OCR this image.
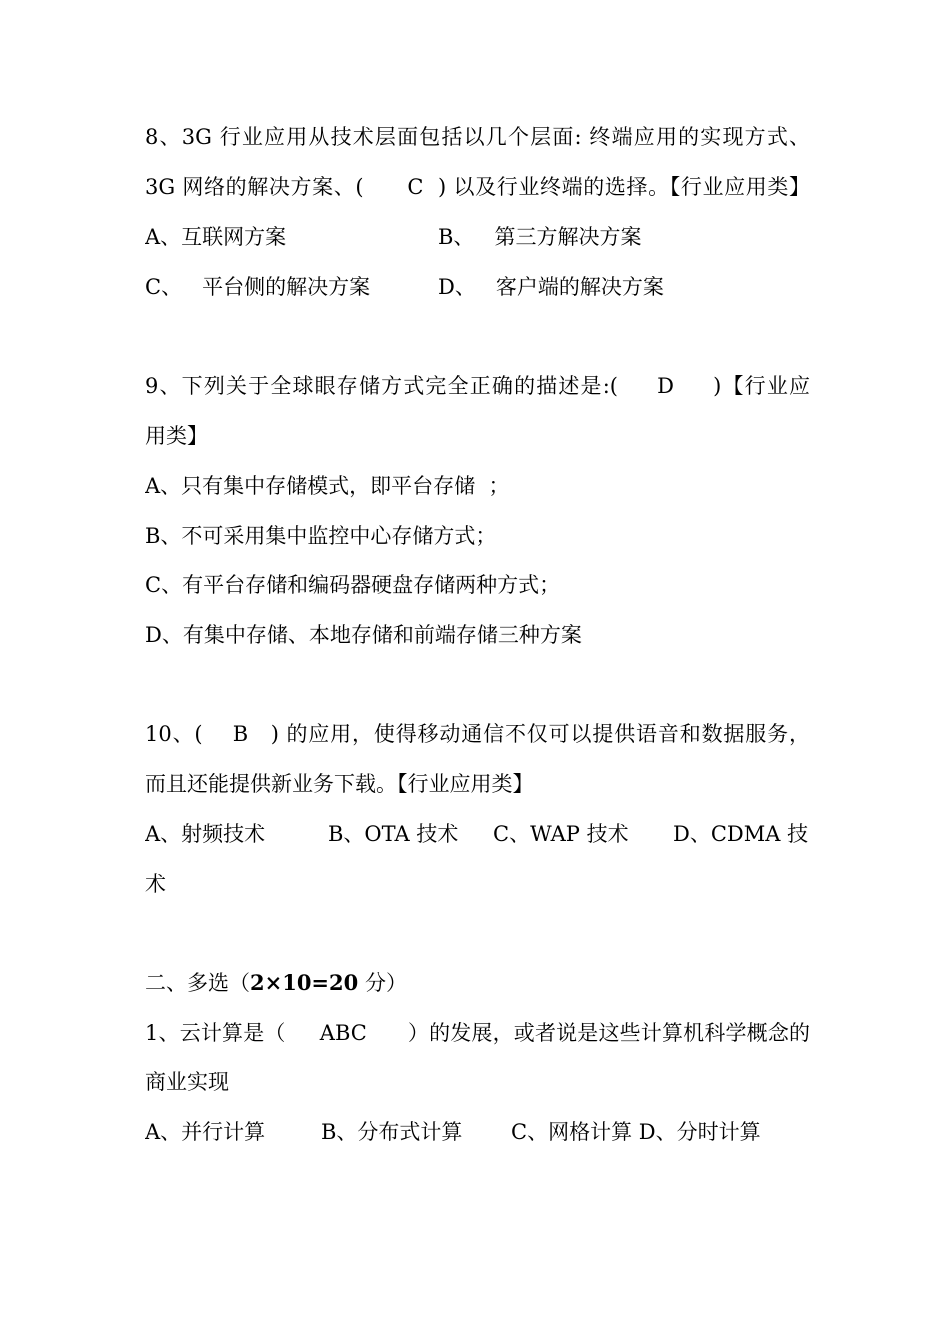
8、3G 行业应用从技术层面包括以几个层面: 终端应用的实现方式、
3G 网络的解决方案、(      C  ) 以及行业终端的选择。【行业应用类】
A、互联网方案	B、   第三方解决方案
C、   平台侧的解决方案	D、   客户端的解决方案
9、下列关于全球眼存储方式完全正确的描述是:(     D     )【行业应
用类】
A、只有集中存储模式，即平台存储  ；
B、不可采用集中监控中心存储方式；
C、有平台存储和编码器硬盘存储两种方式；
D、有集中存储、本地存储和前端存储三种方案
10、(    B   ) 的应用，使得移动通信不仅可以提供语音和数据服务，
而且还能提供新业务下载。【行业应用类】
A、射频技术	B、OTA 技术	C、WAP 技术	D、CDMA 技
术
二、多选（2×10=20 分）
1、云计算是（     ABC      ）的发展，或者说是这些计算机科学概念的
商业实现
A、并行计算	B、分布式计算	C、网格计算 D、分时计算
